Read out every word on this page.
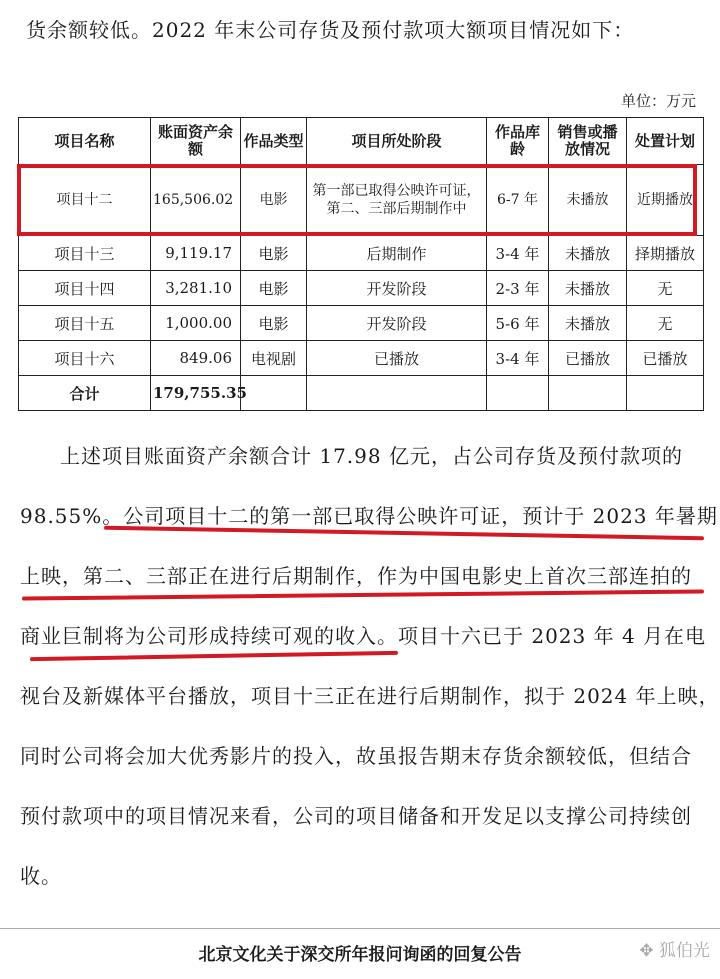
货余额较低。2022 年末公司存货及预付款项大额项目情况如下：
单位：万元
项目名称	账面资产余额	作品类型	项目所处阶段	作品库龄	销售或播放情况	处置计划
项目十二	165,506.02	电影	第一部已取得公映许可证，第二、三部后期制作中	6-7 年	未播放	近期播放
项目十三	9,119.17	电影	后期制作	3-4 年	未播放	择期播放
项目十四	3,281.10	电影	开发阶段	2-3 年	未播放	无
项目十五	1,000.00	电影	开发阶段	5-6 年	未播放	无
项目十六	849.06	电视剧	已播放	3-4 年	已播放	已播放
合计	179,755.35					

上述项目账面资产余额合计 17.98 亿元，占公司存货及预付款项的

98.55%。公司项目十二的第一部已取得公映许可证，预计于 2023 年暑期

上映，第二、三部正在进行后期制作，作为中国电影史上首次三部连拍的

商业巨制将为公司形成持续可观的收入。项目十六已于 2023 年 4 月在电

视台及新媒体平台播放，项目十三正在进行后期制作，拟于 2024 年上映，

同时公司将会加大优秀影片的投入，故虽报告期末存货余额较低，但结合

预付款项中的项目情况来看，公司的项目储备和开发足以支撑公司持续创

收。

北京文化关于深交所年报问询函的回复公告	✥ 狐伯光
